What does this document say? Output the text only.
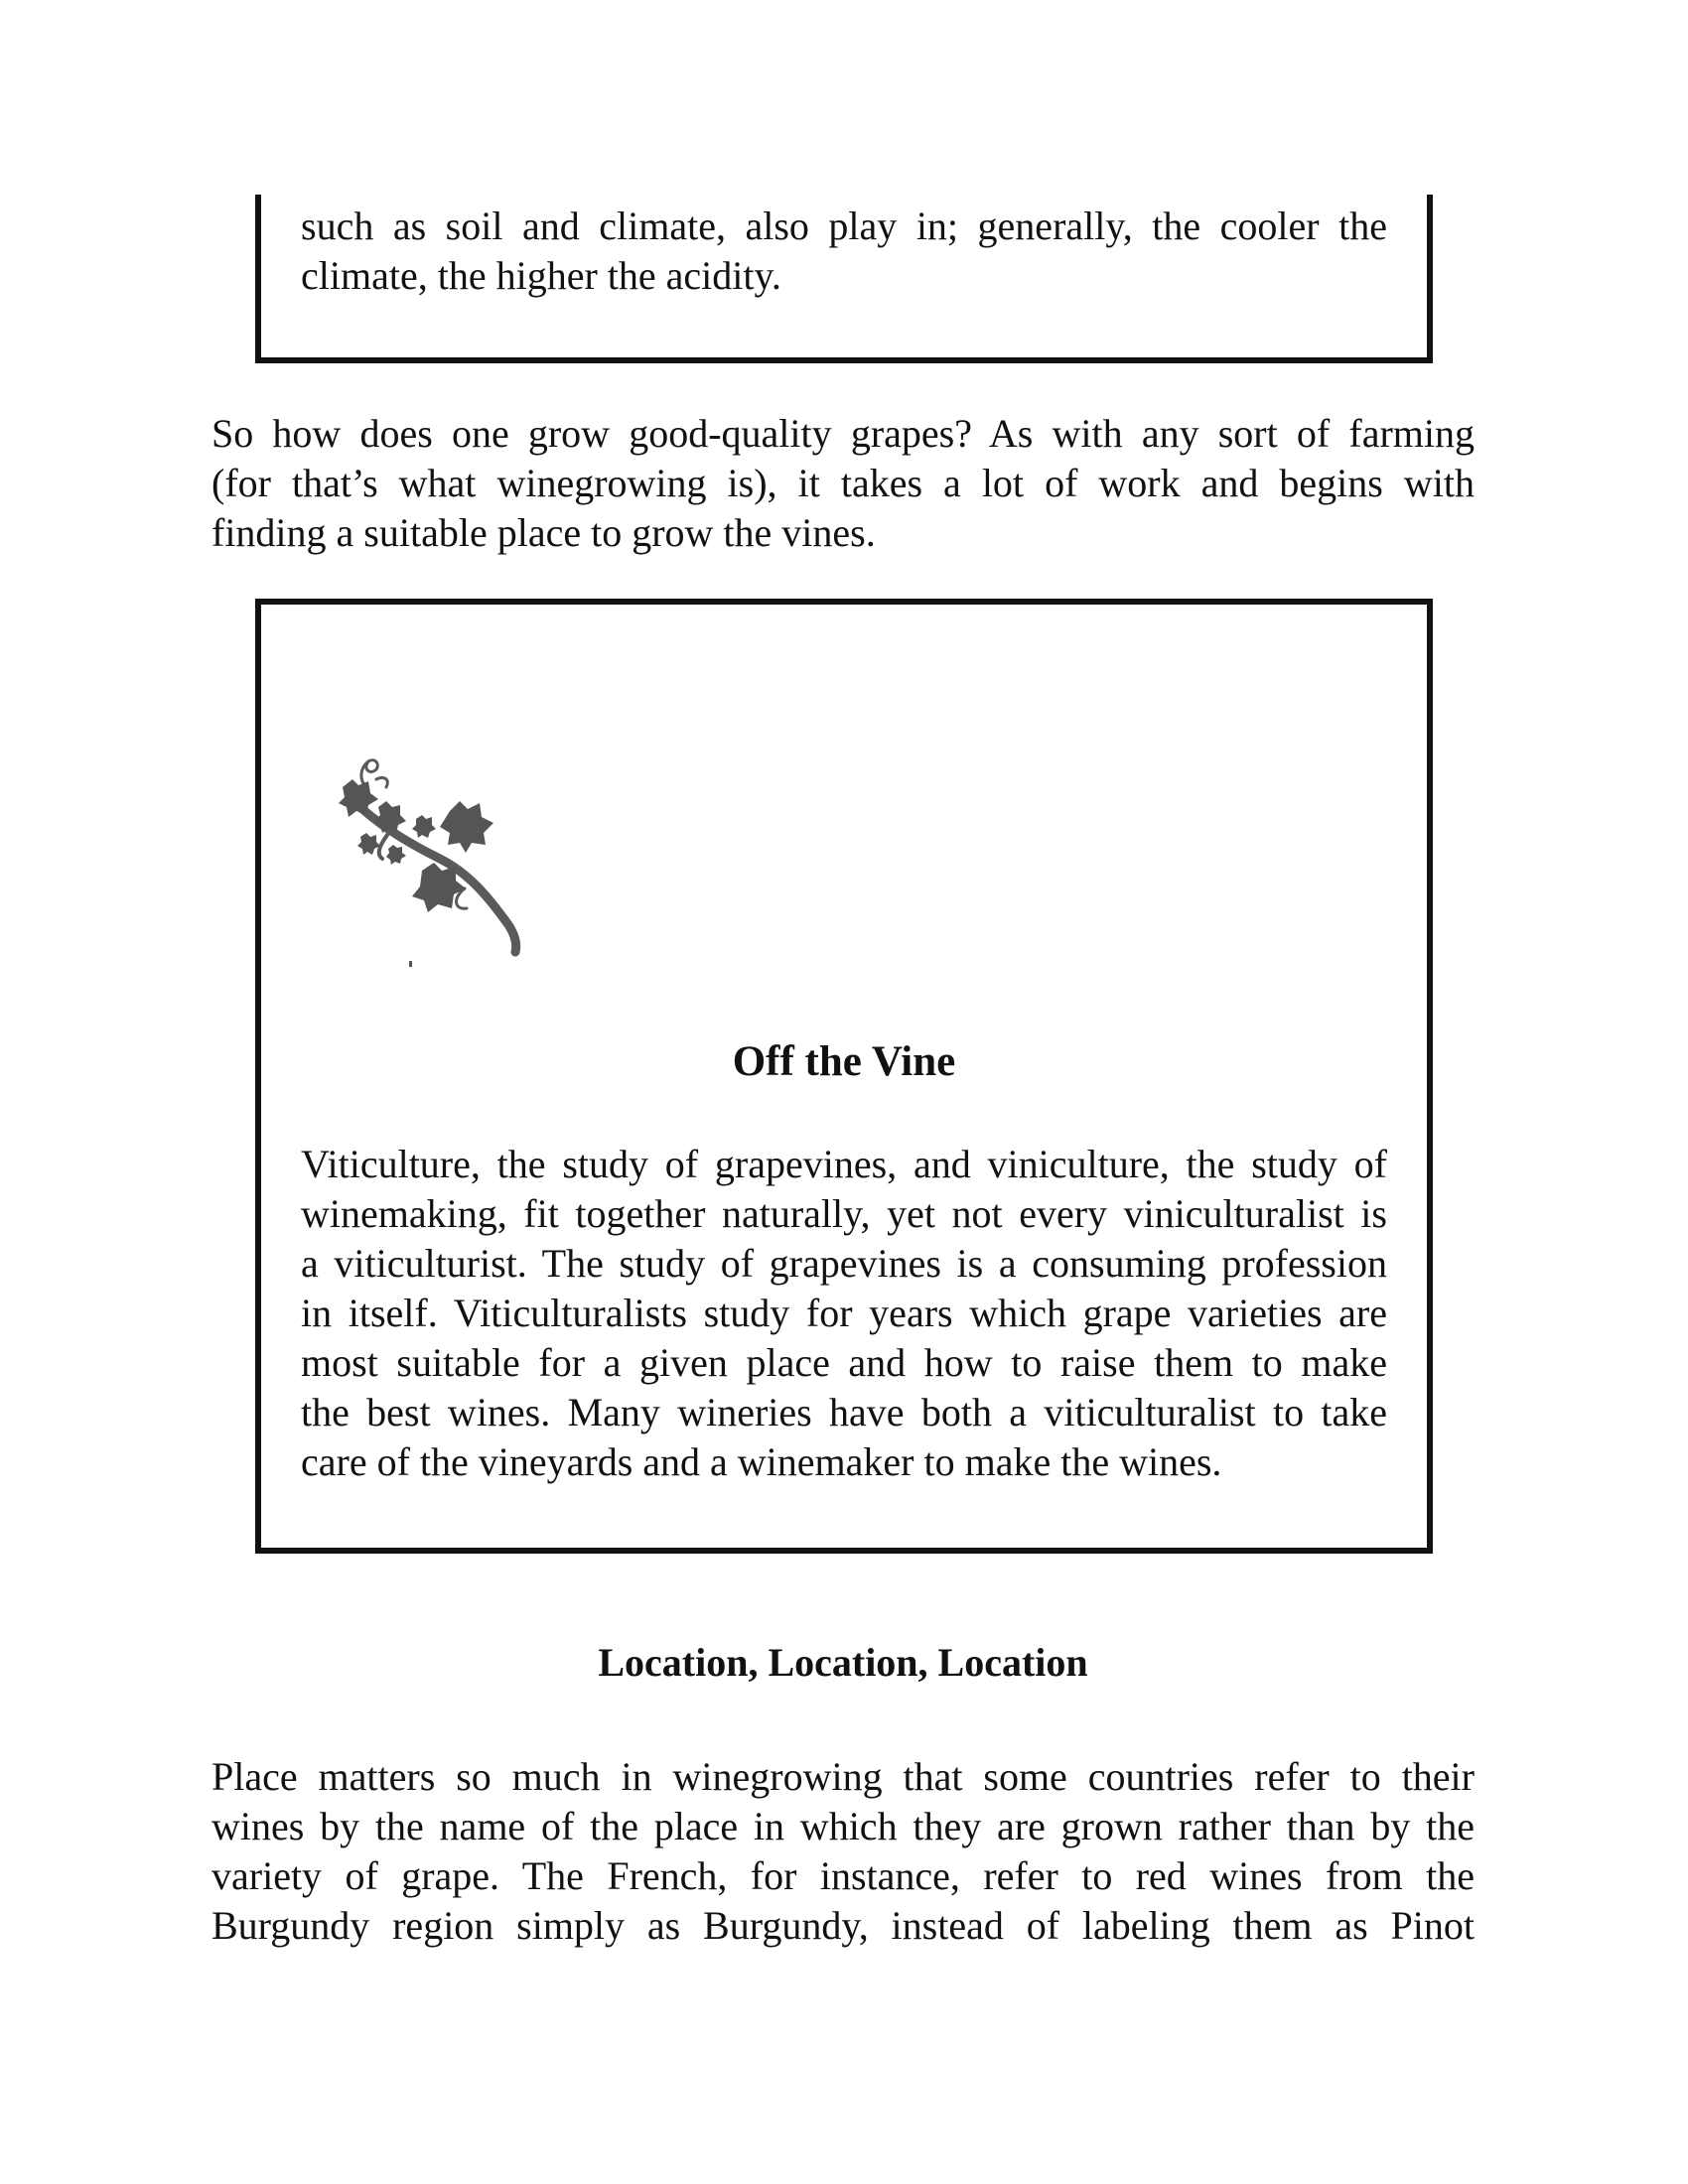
such as soil and climate, also play in; generally, the cooler the
climate, the higher the acidity.

So how does one grow good-quality grapes? As with any sort of farming
(for that’s what winegrowing is), it takes a lot of work and begins with
finding a suitable place to grow the vines.

Off the Vine

Viticulture, the study of grapevines, and viniculture, the study of
winemaking, fit together naturally, yet not every viniculturalist is
a viticulturist. The study of grapevines is a consuming profession
in itself. Viticulturalists study for years which grape varieties are
most suitable for a given place and how to raise them to make
the best wines. Many wineries have both a viticulturalist to take
care of the vineyards and a winemaker to make the wines.

Location, Location, Location

Place matters so much in winegrowing that some countries refer to their
wines by the name of the place in which they are grown rather than by the
variety of grape. The French, for instance, refer to red wines from the
Burgundy region simply as Burgundy, instead of labeling them as Pinot
